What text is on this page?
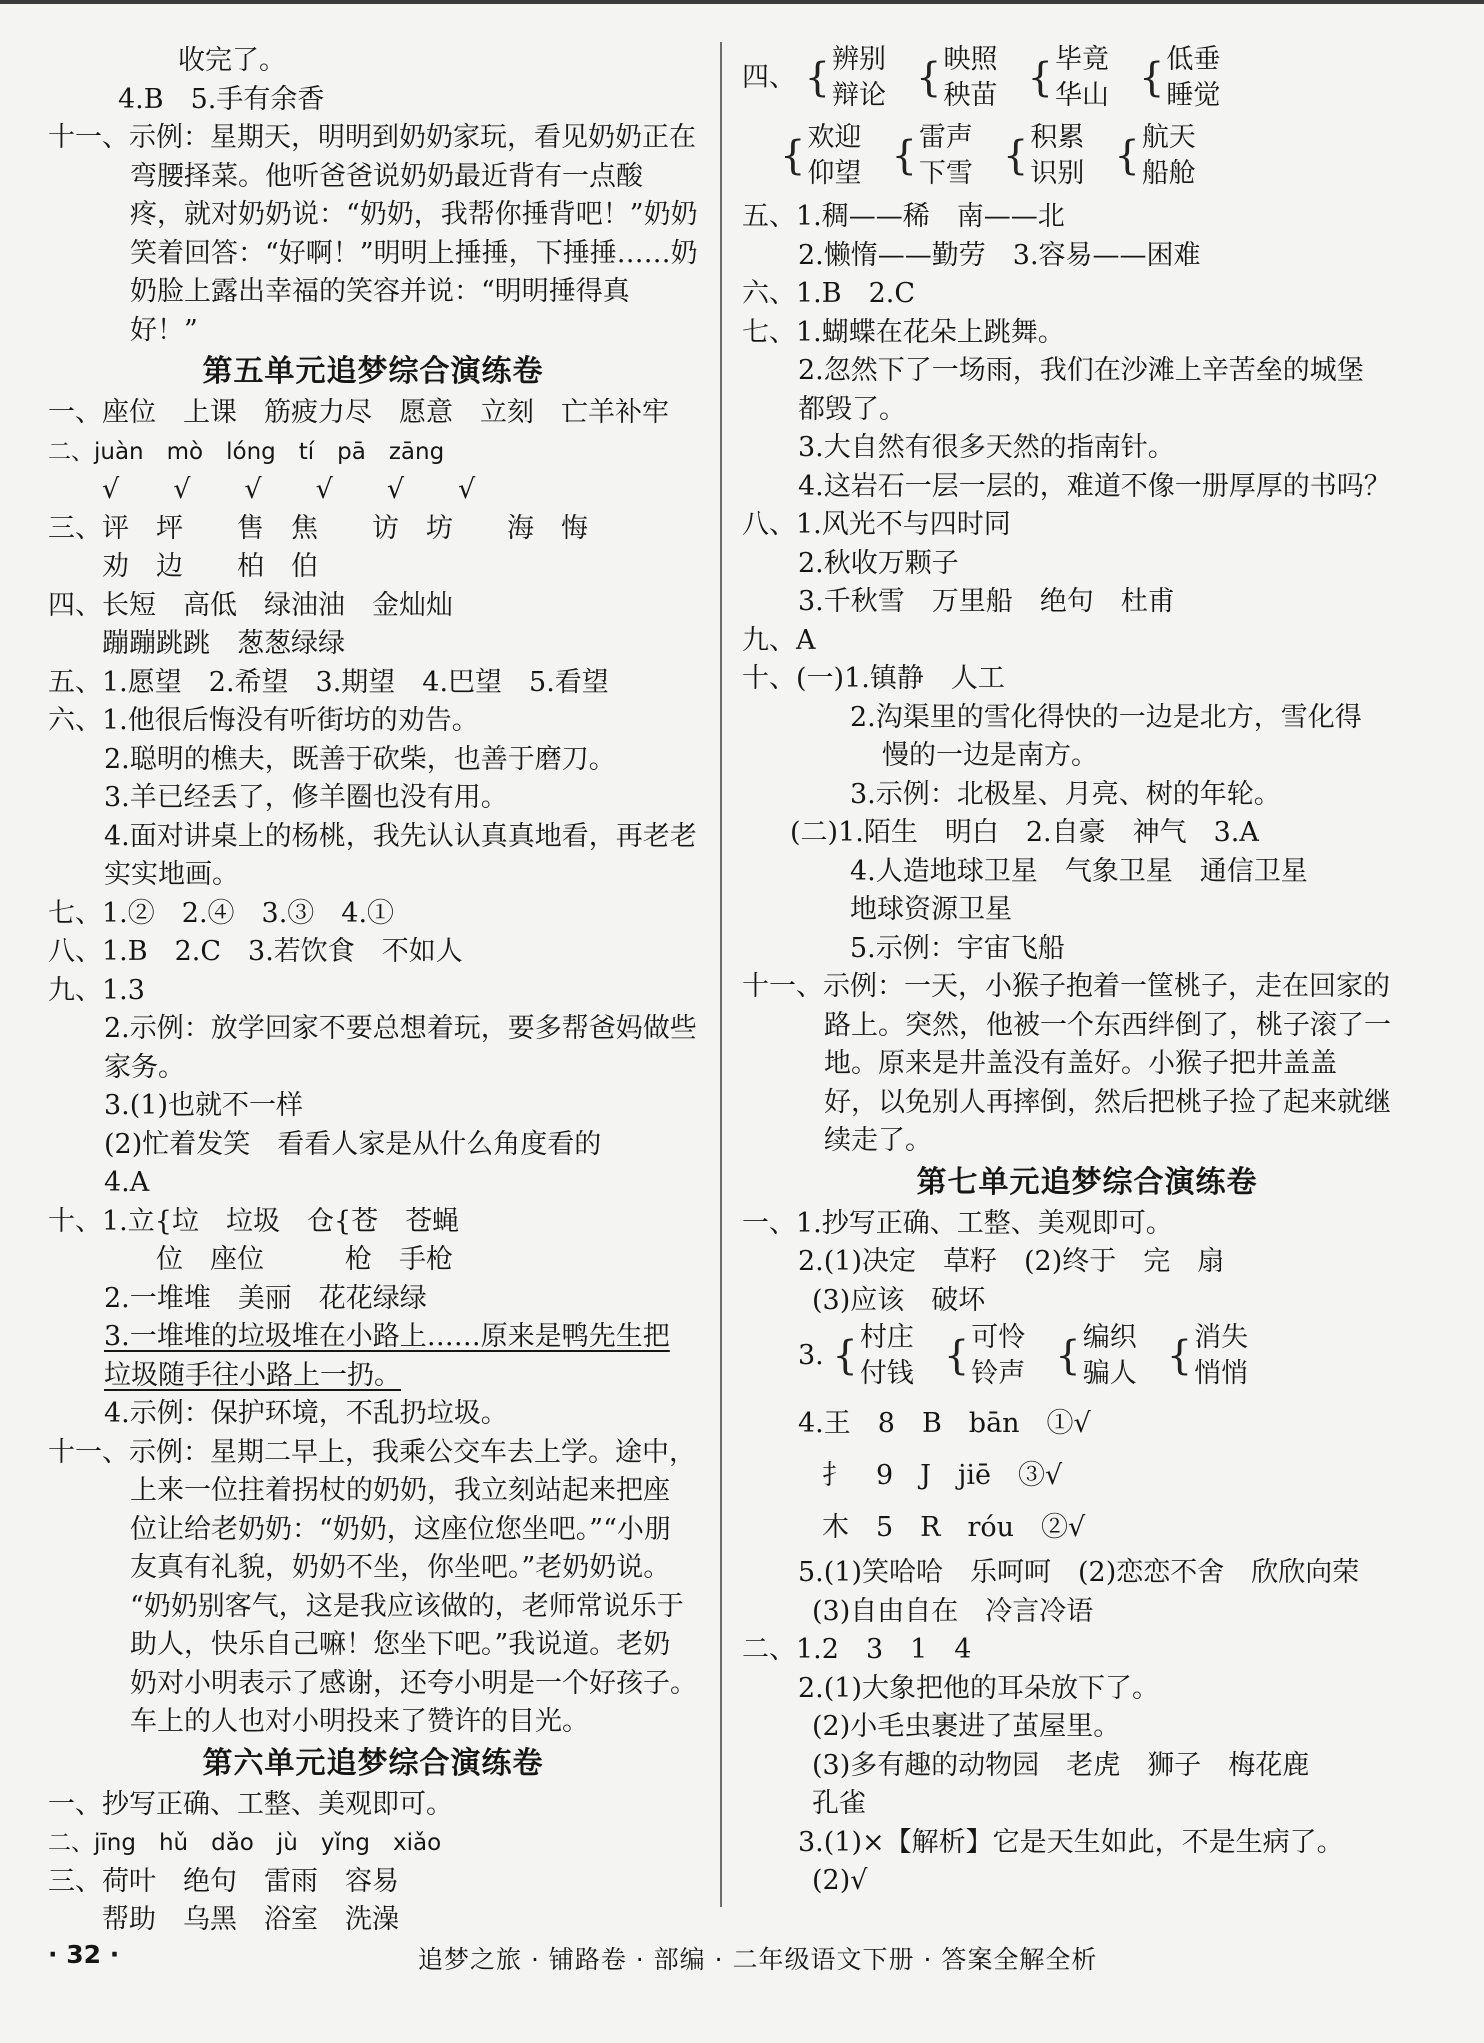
收完了。
4.B　5.手有余香
十一、示例：星期天，明明到奶奶家玩，看见奶奶正在
弯腰择菜。他听爸爸说奶奶最近背有一点酸
疼，就对奶奶说：“奶奶，我帮你捶背吧！”奶奶
笑着回答：“好啊！”明明上捶捶，下捶捶……奶
奶脸上露出幸福的笑容并说：“明明捶得真
好！”
第五单元追梦综合演练卷
一、座位　上课　筋疲力尽　愿意　立刻　亡羊补牢
二、juàn　mò　lóng　tí　pā　zāng
　　√　　√　　√　　√　　√　　√
三、评　坪　　售　焦　　访　坊　　海　悔
　　劝　边　　柏　伯
四、长短　高低　绿油油　金灿灿
　　蹦蹦跳跳　葱葱绿绿
五、1.愿望　2.希望　3.期望　4.巴望　5.看望
六、1.他很后悔没有听街坊的劝告。
2.聪明的樵夫，既善于砍柴，也善于磨刀。
3.羊已经丢了，修羊圈也没有用。
4.面对讲桌上的杨桃，我先认认真真地看，再老老
实实地画。
七、1.②　2.④　3.③　4.①
八、1.B　2.C　3.若饮食　不如人
九、1.3
2.示例：放学回家不要总想着玩，要多帮爸妈做些
家务。
3.(1)也就不一样
(2)忙着发笑　看看人家是从什么角度看的
4.A
十、1.立{垃　垃圾　仓{苍　苍蝇
　　　　位　座位　　　枪　手枪
2.一堆堆　美丽　花花绿绿
3.一堆堆的垃圾堆在小路上……原来是鸭先生把
垃圾随手往小路上一扔。
4.示例：保护环境，不乱扔垃圾。
十一、示例：星期二早上，我乘公交车去上学。途中，
上来一位拄着拐杖的奶奶，我立刻站起来把座
位让给老奶奶：“奶奶，这座位您坐吧。”“小朋
友真有礼貌，奶奶不坐，你坐吧。”老奶奶说。
“奶奶别客气，这是我应该做的，老师常说乐于
助人，快乐自己嘛！您坐下吧。”我说道。老奶
奶对小明表示了感谢，还夸小明是一个好孩子。
车上的人也对小明投来了赞许的目光。
第六单元追梦综合演练卷
一、抄写正确、工整、美观即可。
二、jīng　hǔ　dǎo　jù　yǐng　xiǎo
三、荷叶　绝句　雷雨　容易
　　帮助　乌黑　浴室　洗澡
四、 { 辨别
辩论 { 映照
秧苗 { 毕竟
华山 { 低垂
睡觉
{ 欢迎
仰望 { 雷声
下雪 { 积累
识别 { 航天
船舱
五、1.稠——稀　南——北
2.懒惰——勤劳　3.容易——困难
六、1.B　2.C
七、1.蝴蝶在花朵上跳舞。
2.忽然下了一场雨，我们在沙滩上辛苦垒的城堡
都毁了。
3.大自然有很多天然的指南针。
4.这岩石一层一层的，难道不像一册厚厚的书吗？
八、1.风光不与四时同
2.秋收万颗子
3.千秋雪　万里船　绝句　杜甫
九、A
十、(一)1.镇静　人工
2.沟渠里的雪化得快的一边是北方，雪化得
慢的一边是南方。
3.示例：北极星、月亮、树的年轮。
(二)1.陌生　明白　2.自豪　神气　3.A
4.人造地球卫星　气象卫星　通信卫星
地球资源卫星
5.示例：宇宙飞船
十一、示例：一天，小猴子抱着一筐桃子，走在回家的
路上。突然，他被一个东西绊倒了，桃子滚了一
地。原来是井盖没有盖好。小猴子把井盖盖
好，以免别人再摔倒，然后把桃子捡了起来就继
续走了。
第七单元追梦综合演练卷
一、1.抄写正确、工整、美观即可。
2.(1)决定　草籽　(2)终于　完　扇
(3)应该　破坏
3. { 村庄
付钱 { 可怜
铃声 { 编织
骗人 { 消失
悄悄
4.王　8　B　bān　①√
扌　9　J　jiē　③√
木　5　R　róu　②√
5.(1)笑哈哈　乐呵呵　(2)恋恋不舍　欣欣向荣
(3)自由自在　冷言冷语
二、1.2　3　1　4
2.(1)大象把他的耳朵放下了。
(2)小毛虫裹进了茧屋里。
(3)多有趣的动物园　老虎　狮子　梅花鹿
孔雀
3.(1)×【解析】它是天生如此，不是生病了。
(2)√
· 32 ·	追梦之旅 · 铺路卷 · 部编 · 二年级语文下册 · 答案全解全析
